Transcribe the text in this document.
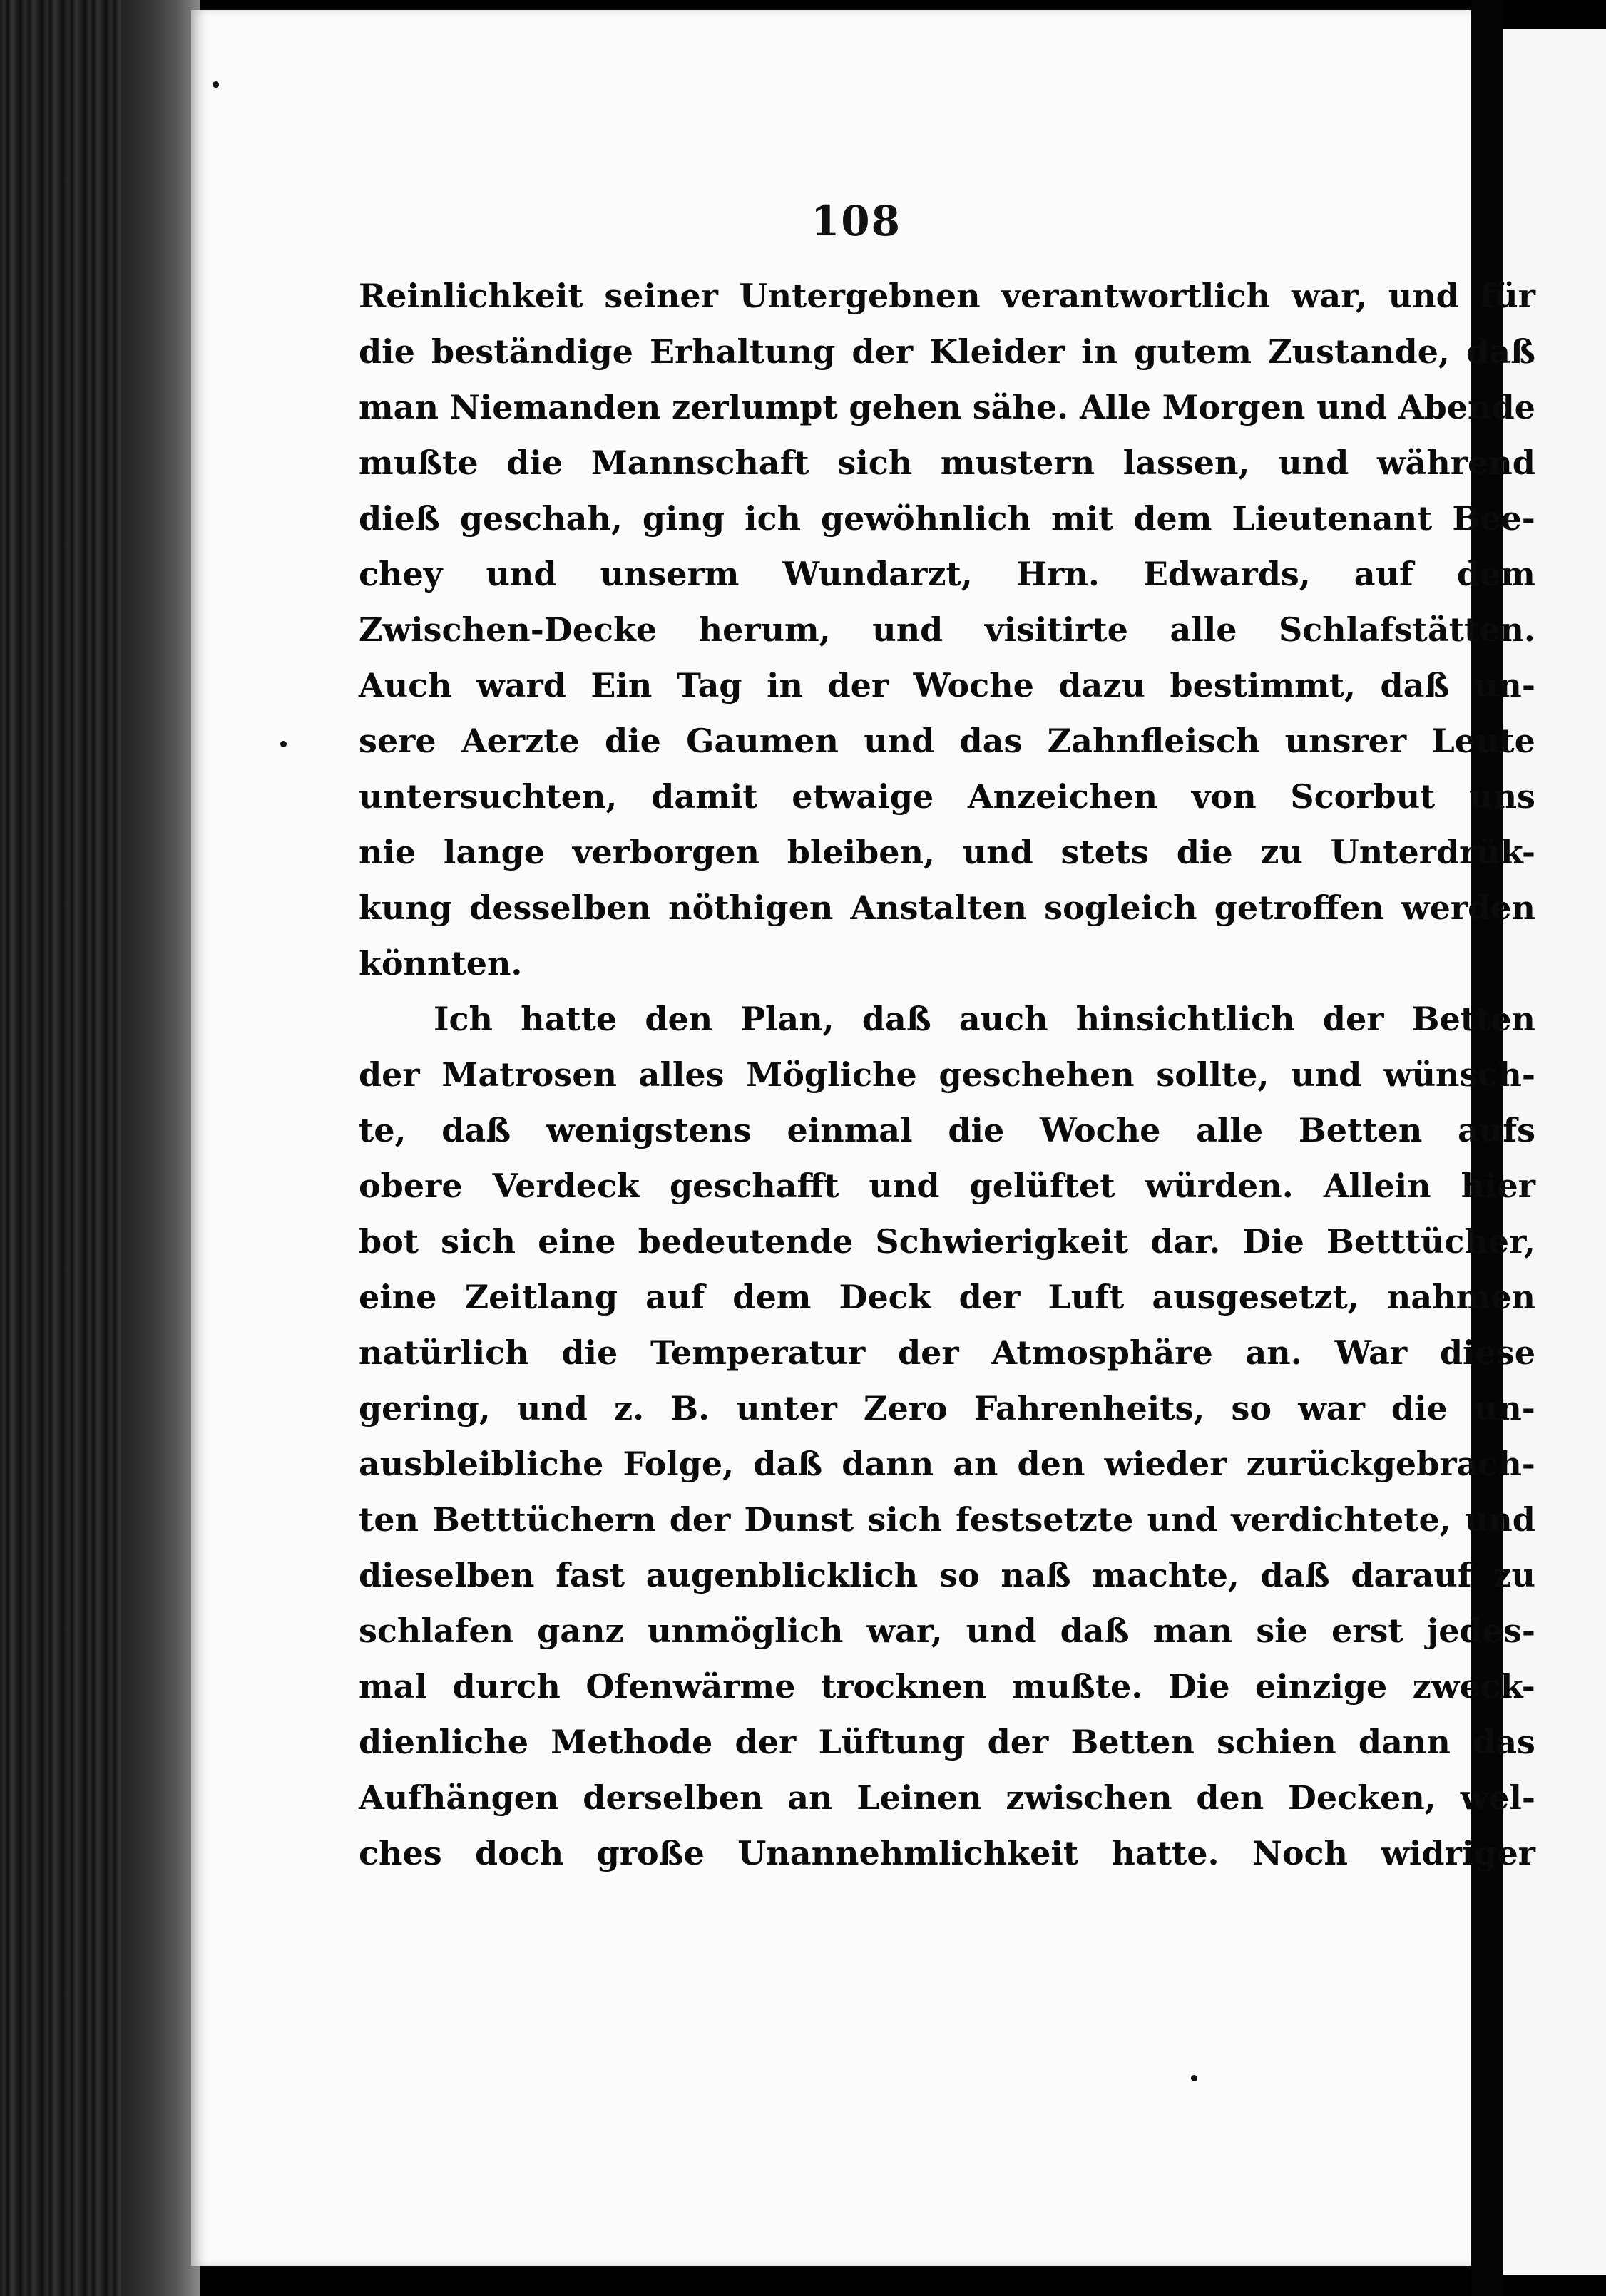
108
Reinlichkeit seiner Untergebnen verantwortlich war, und für
die beständige Erhaltung der Kleider in gutem Zustande, daß
man Niemanden zerlumpt gehen sähe. Alle Morgen und Abende
mußte die Mannschaft sich mustern lassen, und während
dieß geschah, ging ich gewöhnlich mit dem Lieutenant Bee-
chey und unserm Wundarzt, Hrn. Edwards, auf dem
Zwischen-Decke herum, und visitirte alle Schlafstätten.
Auch ward Ein Tag in der Woche dazu bestimmt, daß un-
sere Aerzte die Gaumen und das Zahnfleisch unsrer Leute
untersuchten, damit etwaige Anzeichen von Scorbut uns
nie lange verborgen bleiben, und stets die zu Unterdrük-
kung desselben nöthigen Anstalten sogleich getroffen werden
könnten.
Ich hatte den Plan, daß auch hinsichtlich der Betten
der Matrosen alles Mögliche geschehen sollte, und wünsch-
te, daß wenigstens einmal die Woche alle Betten aufs
obere Verdeck geschafft und gelüftet würden. Allein hier
bot sich eine bedeutende Schwierigkeit dar. Die Betttücher,
eine Zeitlang auf dem Deck der Luft ausgesetzt, nahmen
natürlich die Temperatur der Atmosphäre an. War diese
gering, und z. B. unter Zero Fahrenheits, so war die un-
ausbleibliche Folge, daß dann an den wieder zurückgebrach-
ten Betttüchern der Dunst sich festsetzte und verdichtete, und
dieselben fast augenblicklich so naß machte, daß darauf zu
schlafen ganz unmöglich war, und daß man sie erst jedes-
mal durch Ofenwärme trocknen mußte. Die einzige zweck-
dienliche Methode der Lüftung der Betten schien dann das
Aufhängen derselben an Leinen zwischen den Decken, wel-
ches doch große Unannehmlichkeit hatte. Noch widriger
